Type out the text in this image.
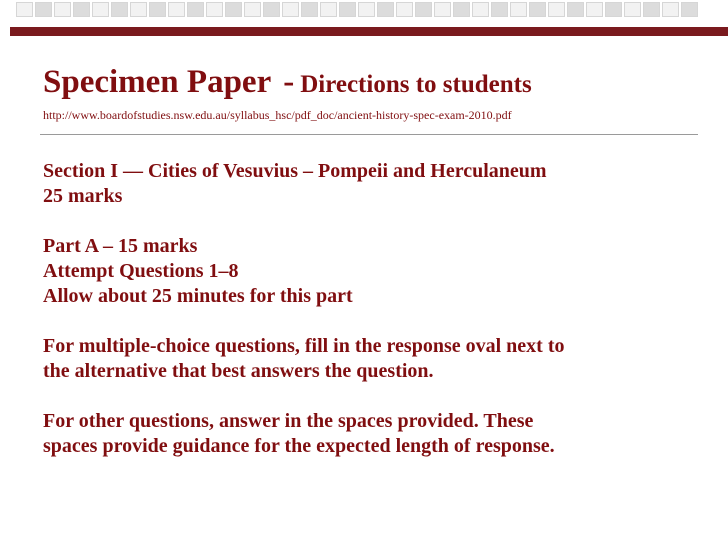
Specimen Paper - Directions to students
http://www.boardofstudies.nsw.edu.au/syllabus_hsc/pdf_doc/ancient-history-spec-exam-2010.pdf
Section I — Cities of Vesuvius – Pompeii and Herculaneum
25 marks
Part A – 15 marks
Attempt Questions 1–8
Allow about 25 minutes for this part
For multiple-choice questions, fill in the response oval next to
the alternative that best answers the question.
For other questions, answer in the spaces provided. These
spaces provide guidance for the expected length of response.
